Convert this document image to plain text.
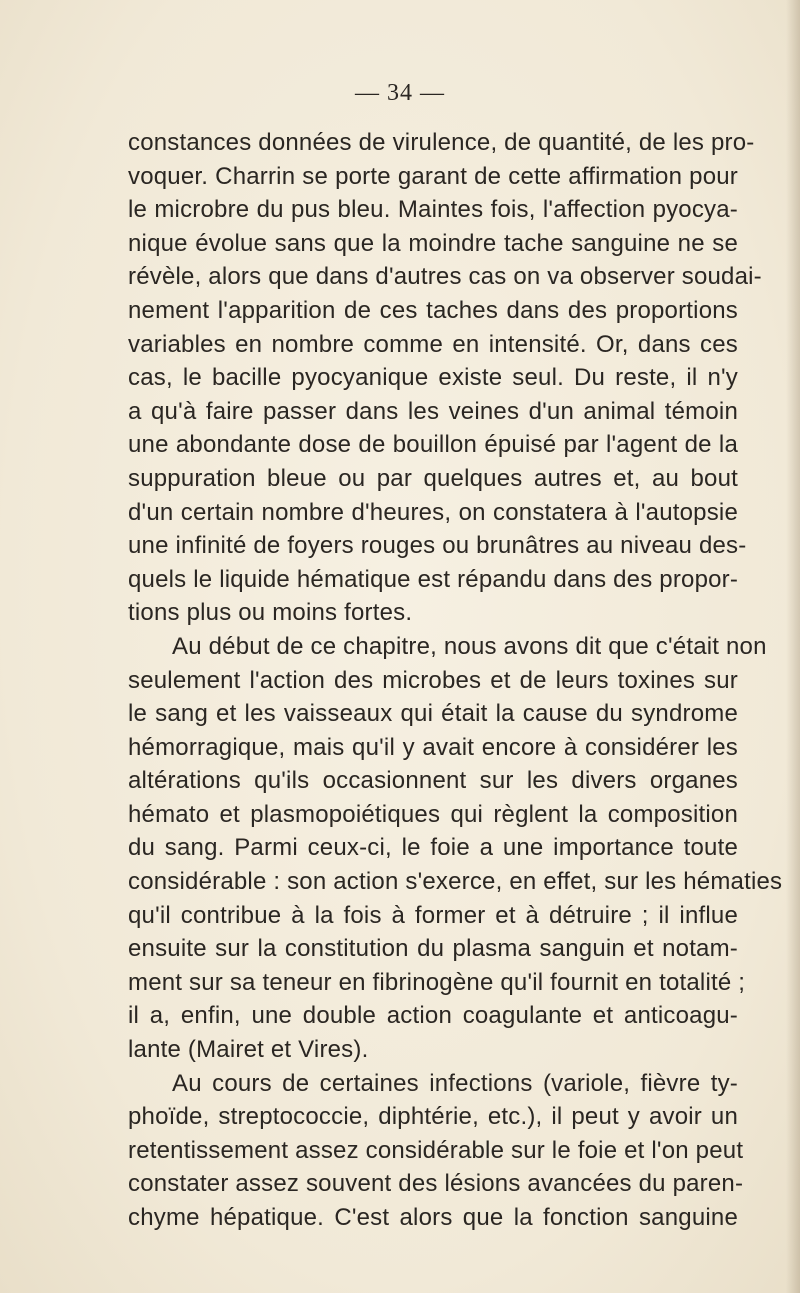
— 34 —
constances données de virulence, de quantité, de les pro-
voquer. Charrin se porte garant de cette affirmation pour
le microbre du pus bleu. Maintes fois, l'affection pyocya-
nique évolue sans que la moindre tache sanguine ne se
révèle, alors que dans d'autres cas on va observer soudai-
nement l'apparition de ces taches dans des proportions
variables en nombre comme en intensité. Or, dans ces
cas, le bacille pyocyanique existe seul. Du reste, il n'y
a qu'à faire passer dans les veines d'un animal témoin
une abondante dose de bouillon épuisé par l'agent de la
suppuration bleue ou par quelques autres et, au bout
d'un certain nombre d'heures, on constatera à l'autopsie
une infinité de foyers rouges ou brunâtres au niveau des-
quels le liquide hématique est répandu dans des propor-
tions plus ou moins fortes.
Au début de ce chapitre, nous avons dit que c'était non
seulement l'action des microbes et de leurs toxines sur
le sang et les vaisseaux qui était la cause du syndrome
hémorragique, mais qu'il y avait encore à considérer les
altérations qu'ils occasionnent sur les divers organes
hémato et plasmopoiétiques qui règlent la composition
du sang. Parmi ceux-ci, le foie a une importance toute
considérable : son action s'exerce, en effet, sur les hématies
qu'il contribue à la fois à former et à détruire ; il influe
ensuite sur la constitution du plasma sanguin et notam-
ment sur sa teneur en fibrinogène qu'il fournit en totalité ;
il a, enfin, une double action coagulante et anticoagu-
lante (Mairet et Vires).
Au cours de certaines infections (variole, fièvre ty-
phoïde, streptococcie, diphtérie, etc.), il peut y avoir un
retentissement assez considérable sur le foie et l'on peut
constater assez souvent des lésions avancées du paren-
chyme hépatique. C'est alors que la fonction sanguine
